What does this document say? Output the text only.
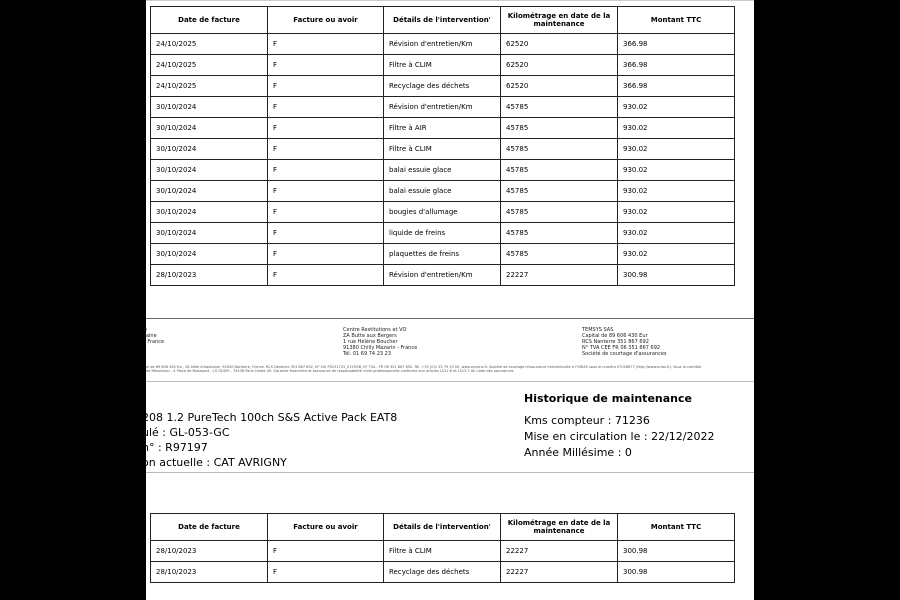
Date de facture	Facture ou avoir	Détails de l'intervention'	Kilométrage en date de la maintenance	Montant TTC
24/10/2025	F	Révision d'entretien/Km	62520	366.98
24/10/2025	F	Filtre à CLIM	62520	366.98
24/10/2025	F	Recyclage des déchets	62520	366.98
30/10/2024	F	Révision d'entretien/Km	45785	930.02
30/10/2024	F	Filtre à AIR	45785	930.02
30/10/2024	F	Filtre à CLIM	45785	930.02
30/10/2024	F	balai essuie glace	45785	930.02
30/10/2024	F	balai essuie glace	45785	930.02
30/10/2024	F	bougies d'allumage	45785	930.02
30/10/2024	F	liquide de freins	45785	930.02
30/10/2024	F	plaquettes de freins	45785	930.02
28/10/2023	F	Révision d'entretien/Km	22227	300.98
e
taine
- France
Centre Restitutions et VO
ZA Butte aux Bergers
1 rue Hélène Boucher
91380 Chilly Mazarin - France
Tél. 01 69 74 23 23
TEMSYS SAS
Capital de 89 606 430 Eur
RCS Nanterre 351 867 692
N° TVA CEE FR 06 351 867 692
Société de courtage d'assurances
al de 89 606 430 Eur, 28 Allée d'Aquitaine, 92000 Nanterre, France. RCS Nanterre 351 867 692, N° SIU FR231725_01YSGB, N° TVA - FR 06 351 867 692. Tél. +33 (0)1 55 79 19 00, www.ayvens.fr. Société de courtage d'assurance immatriculée à l'ORIAS sous le numéro 07026677 (http://www.orias.fr). Sous le contrôle
de Résolution - 4 Place de Budapest - CS 92459 - 75436 Paris Cedex 09. Garantie financière et assurance de responsabilité civile professionnelle conforme aux articles L512.6 et L512.7 du Code des assurances.
208 1.2 PureTech 100ch S&S Active Pack EAT8
ulé : GL-053-GC
n° : R97197
on actuelle : CAT AVRIGNY
Historique de maintenance
Kms compteur : 71236
Mise en circulation le : 22/12/2022
Année Millésime : 0
Date de facture	Facture ou avoir	Détails de l'intervention'	Kilométrage en date de la maintenance	Montant TTC
28/10/2023	F	Filtre à CLIM	22227	300.98
28/10/2023	F	Recyclage des déchets	22227	300.98
